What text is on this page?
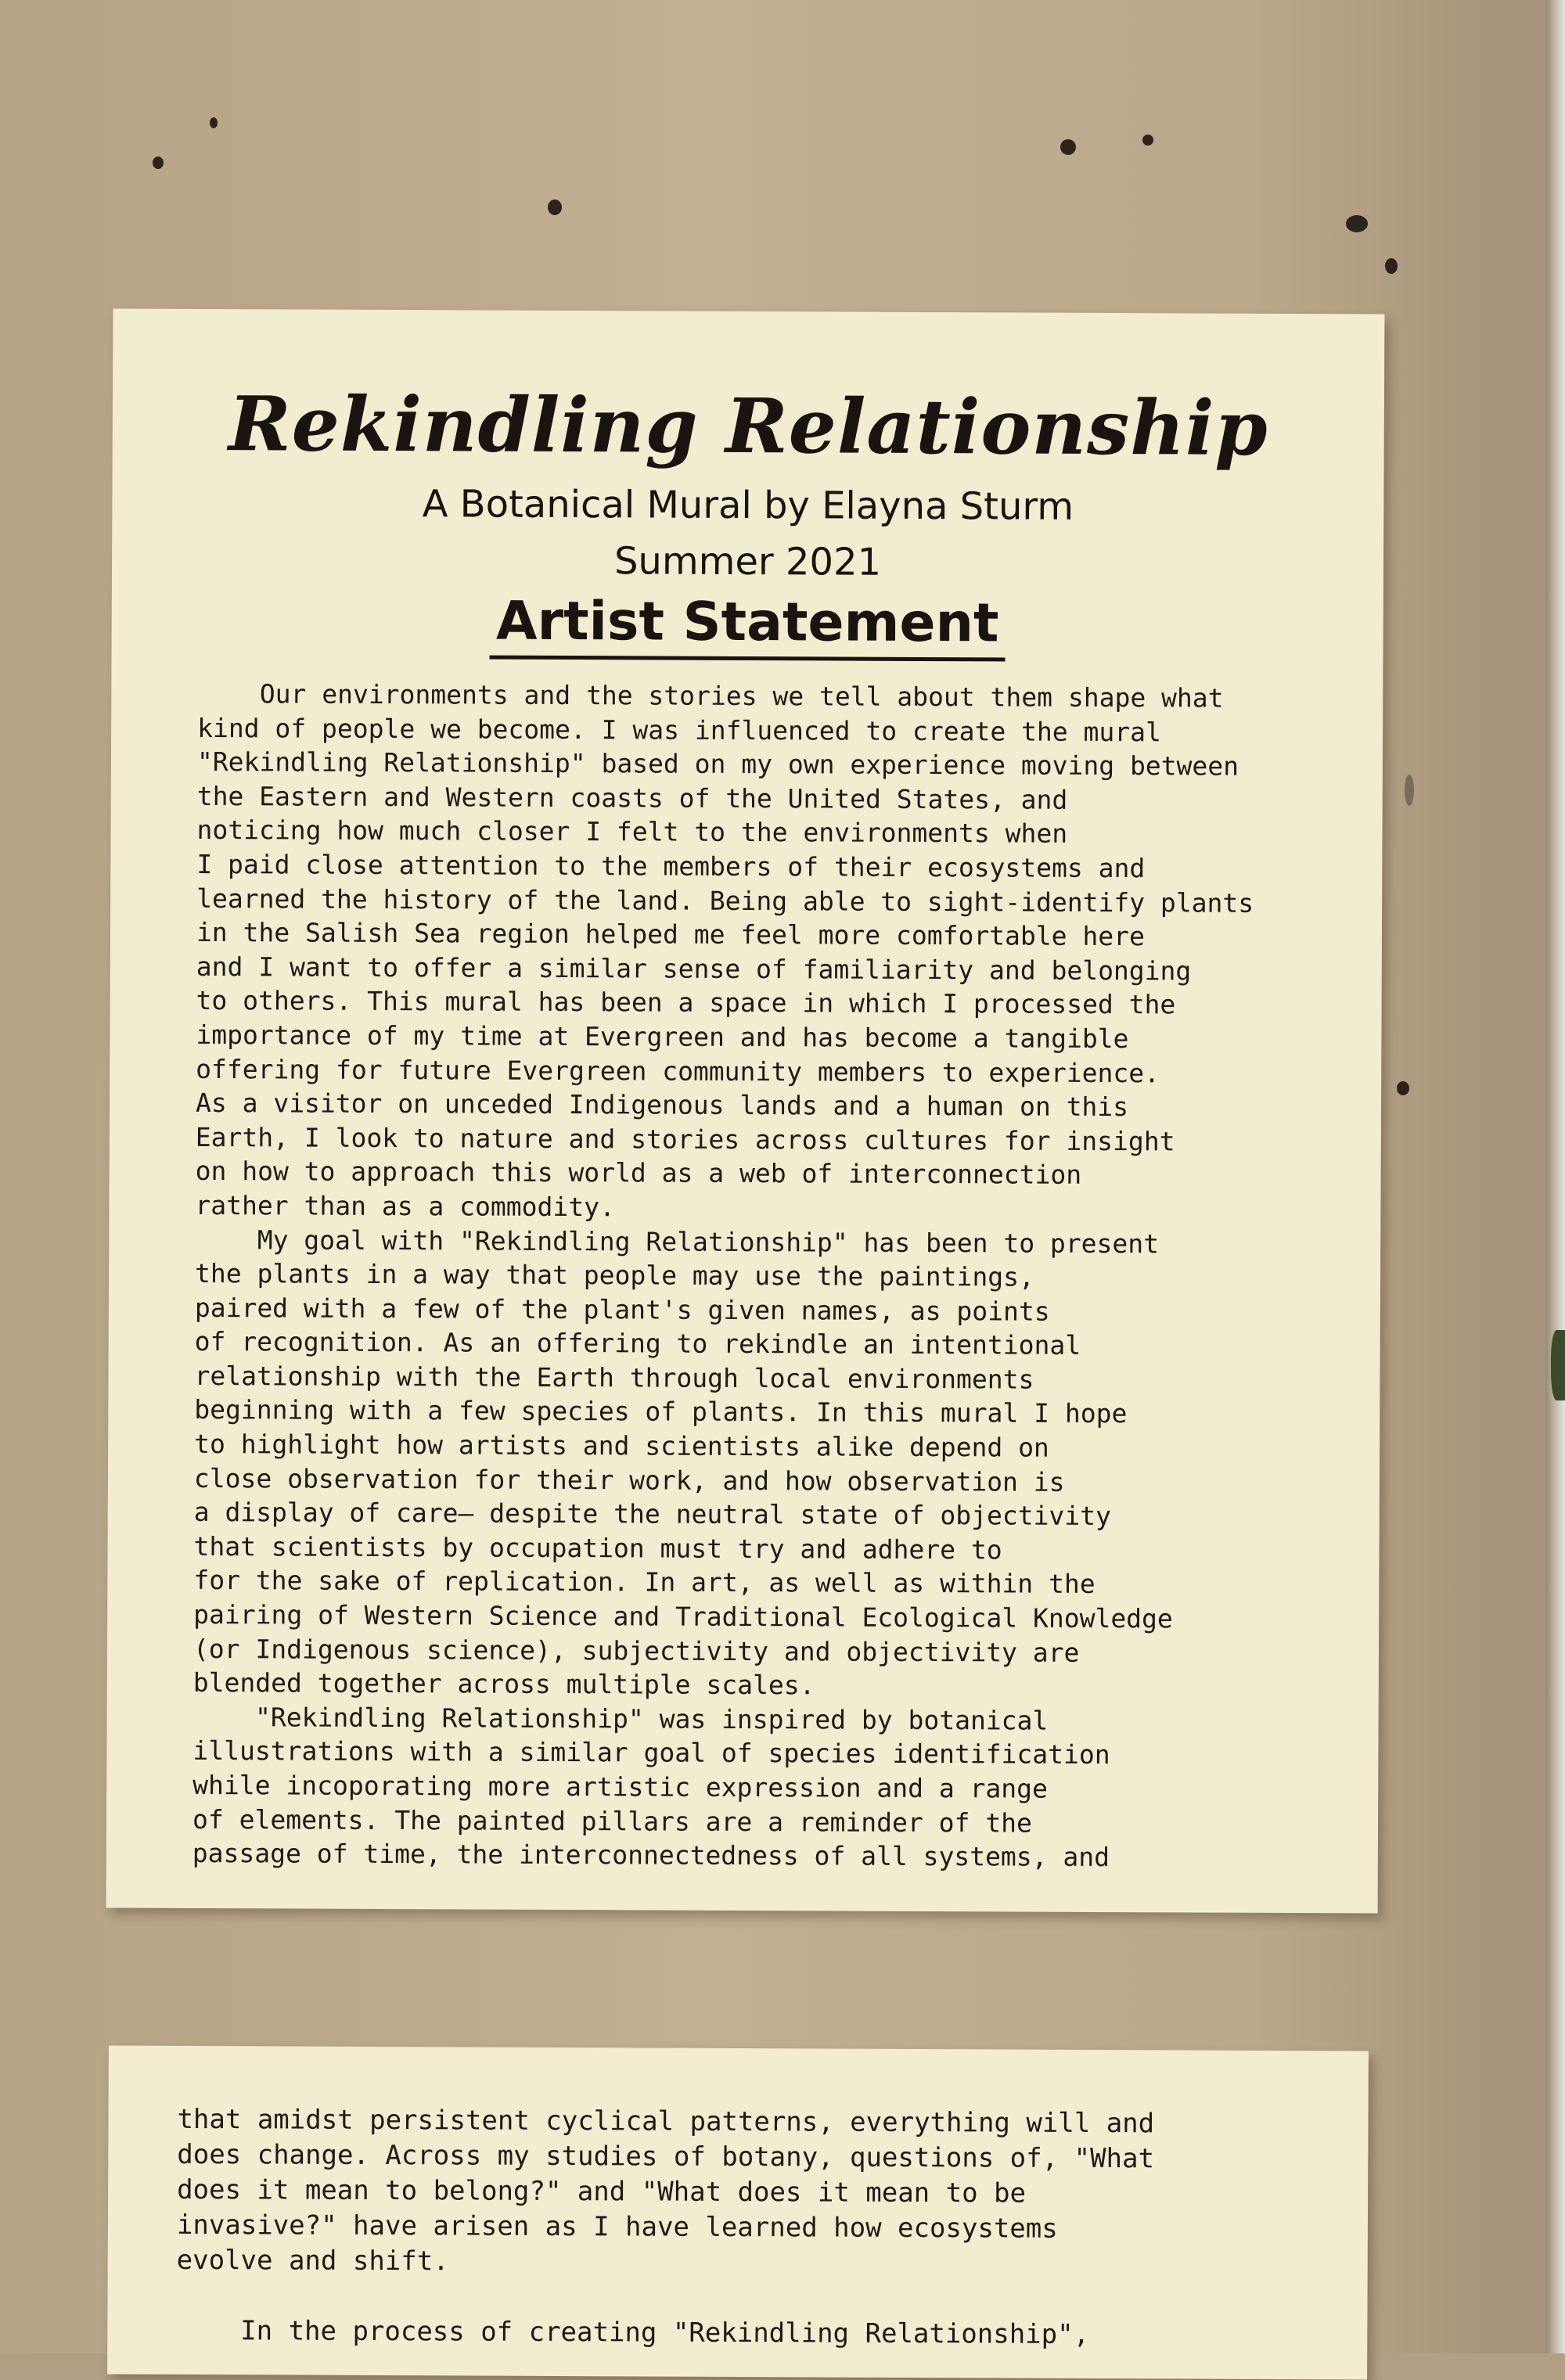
Rekindling Relationship

A Botanical Mural by Elayna Sturm

Summer 2021

Artist Statement
Our environments and the stories we tell about them shape what
kind of people we become. I was influenced to create the mural
"Rekindling Relationship" based on my own experience moving between
the Eastern and Western coasts of the United States, and
noticing how much closer I felt to the environments when
I paid close attention to the members of their ecosystems and
learned the history of the land. Being able to sight-identify plants
in the Salish Sea region helped me feel more comfortable here
and I want to offer a similar sense of familiarity and belonging
to others. This mural has been a space in which I processed the
importance of my time at Evergreen and has become a tangible
offering for future Evergreen community members to experience.
As a visitor on unceded Indigenous lands and a human on this
Earth, I look to nature and stories across cultures for insight
on how to approach this world as a web of interconnection
rather than as a commodity.
My goal with "Rekindling Relationship" has been to present
the plants in a way that people may use the paintings,
paired with a few of the plant's given names, as points
of recognition. As an offering to rekindle an intentional
relationship with the Earth through local environments
beginning with a few species of plants. In this mural I hope
to highlight how artists and scientists alike depend on
close observation for their work, and how observation is
a display of care— despite the neutral state of objectivity
that scientists by occupation must try and adhere to
for the sake of replication. In art, as well as within the
pairing of Western Science and Traditional Ecological Knowledge
(or Indigenous science), subjectivity and objectivity are
blended together across multiple scales.
"Rekindling Relationship" was inspired by botanical
illustrations with a similar goal of species identification
while incoporating more artistic expression and a range
of elements. The painted pillars are a reminder of the
passage of time, the interconnectedness of all systems, and
that amidst persistent cyclical patterns, everything will and
does change. Across my studies of botany, questions of, "What
does it mean to belong?" and "What does it mean to be
invasive?" have arisen as I have learned how ecosystems
evolve and shift.
In the process of creating "Rekindling Relationship",
